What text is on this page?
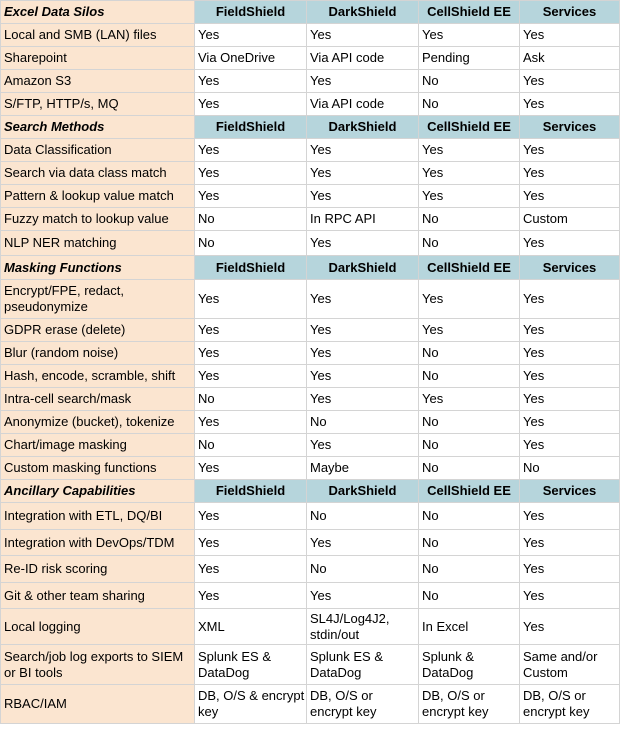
Excel Data Silos	FieldShield	DarkShield	CellShield EE	Services
Local and SMB (LAN) files	Yes	Yes	Yes	Yes
Sharepoint	Via OneDrive	Via API code	Pending	Ask
Amazon S3	Yes	Yes	No	Yes
S/FTP, HTTP/s, MQ	Yes	Via API code	No	Yes
Search Methods	FieldShield	DarkShield	CellShield EE	Services
Data Classification	Yes	Yes	Yes	Yes
Search via data class match	Yes	Yes	Yes	Yes
Pattern & lookup value match	Yes	Yes	Yes	Yes
Fuzzy match to lookup value	No	In RPC API	No	Custom
NLP NER matching	No	Yes	No	Yes
Masking Functions	FieldShield	DarkShield	CellShield EE	Services
Encrypt/FPE, redact, pseudonymize	Yes	Yes	Yes	Yes
GDPR erase (delete)	Yes	Yes	Yes	Yes
Blur (random noise)	Yes	Yes	No	Yes
Hash, encode, scramble, shift	Yes	Yes	No	Yes
Intra-cell search/mask	No	Yes	Yes	Yes
Anonymize (bucket), tokenize	Yes	No	No	Yes
Chart/image masking	No	Yes	No	Yes
Custom masking functions	Yes	Maybe	No	No
Ancillary Capabilities	FieldShield	DarkShield	CellShield EE	Services
Integration with ETL, DQ/BI	Yes	No	No	Yes
Integration with DevOps/TDM	Yes	Yes	No	Yes
Re-ID risk scoring	Yes	No	No	Yes
Git & other team sharing	Yes	Yes	No	Yes
Local logging	XML	SL4J/Log4J2, stdin/out	In Excel	Yes
Search/job log exports to SIEM or BI tools	Splunk ES & DataDog	Splunk ES & DataDog	Splunk & DataDog	Same and/or Custom
RBAC/IAM	DB, O/S & encrypt key	DB, O/S or encrypt key	DB, O/S or encrypt key	DB, O/S or encrypt key
